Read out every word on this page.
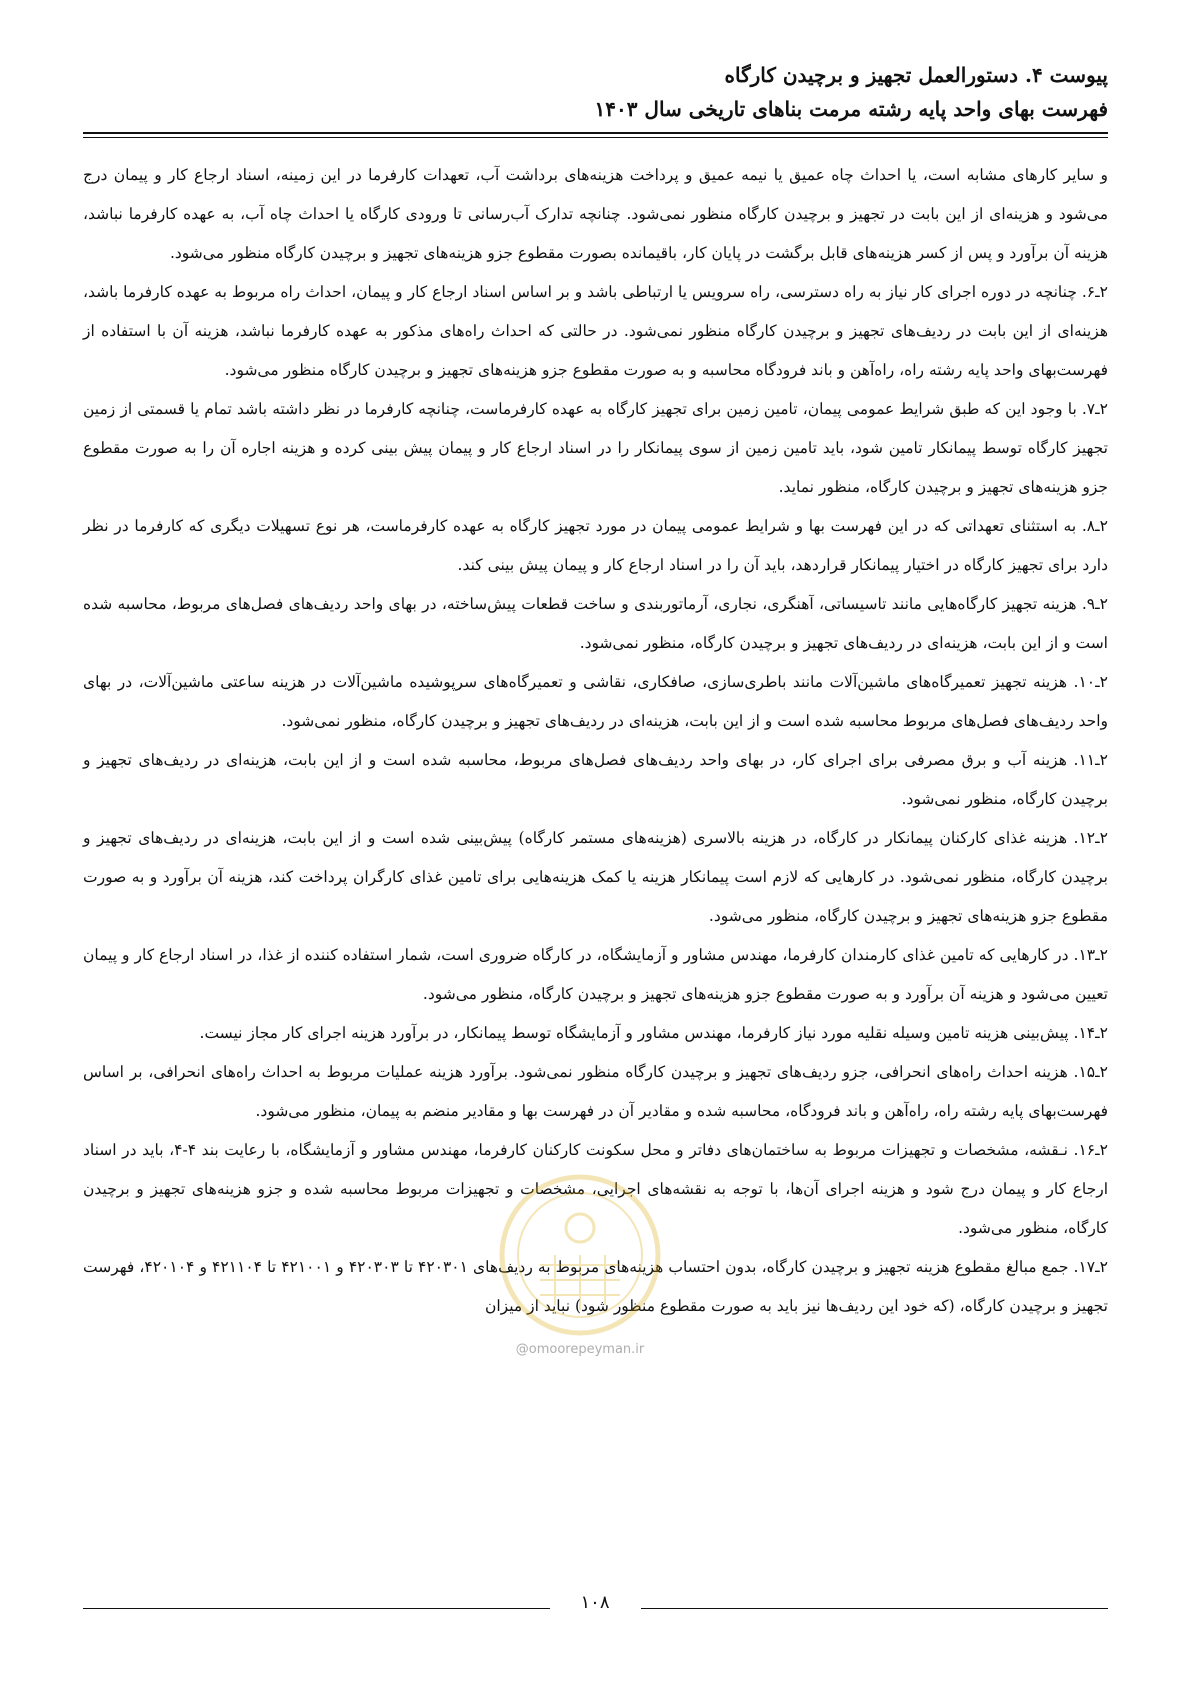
پیوست ۴. دستورالعمل تجهیز و برچیدن کارگاه
فهرست بهای واحد پایه رشته مرمت بناهای تاریخی سال ۱۴۰۳

و سایر کارهای مشابه است، یا احداث چاه عمیق یا نیمه عمیق و پرداخت هزینه‌های برداشت آب، تعهدات کارفرما در این زمینه، اسناد ارجاع کار و پیمان درج می‌شود و هزینه‌ای از این بابت در تجهیز و برچیدن کارگاه منظور نمی‌شود. چنانچه تدارک آب‌رسانی تا ورودی کارگاه یا احداث چاه آب، به عهده کارفرما نباشد، هزینه آن برآورد و پس از کسر هزینه‌های قابل برگشت در پایان کار، باقیمانده بصورت مقطوع جزو هزینه‌های تجهیز و برچیدن کارگاه منظور می‌شود.

۲ـ۶. چنانچه در دوره اجرای کار نیاز به راه دسترسی، راه سرویس یا ارتباطی باشد و بر اساس اسناد ارجاع کار و پیمان، احداث راه مربوط به عهده کارفرما باشد، هزینه‌ای از این بابت در ردیف‌های تجهیز و برچیدن کارگاه منظور نمی‌شود. در حالتی که احداث راه‌های مذکور به عهده کارفرما نباشد، هزینه آن با استفاده از فهرست‌بهای واحد پایه رشته راه، راه‌آهن و باند فرودگاه محاسبه و به صورت مقطوع جزو هزینه‌های تجهیز و برچیدن کارگاه منظور می‌شود.

۲ـ۷. با وجود این که طبق شرایط عمومی پیمان، تامین زمین برای تجهیز کارگاه به عهده کارفرماست، چنانچه کارفرما در نظر داشته باشد تمام یا قسمتی از زمین تجهیز کارگاه توسط پیمانکار تامین شود، باید تامین زمین از سوی پیمانکار را در اسناد ارجاع کار و پیمان پیش بینی کرده و هزینه اجاره آن را به صورت مقطوع جزو هزینه‌های تجهیز و برچیدن کارگاه، منظور نماید.

۲ـ۸. به استثنای تعهداتی که در این فهرست بها و شرایط عمومی پیمان در مورد تجهیز کارگاه به عهده کارفرماست، هر نوع تسهیلات دیگری که کارفرما در نظر دارد برای تجهیز کارگاه در اختیار پیمانکار قراردهد، باید آن را در اسناد ارجاع کار و پیمان پیش بینی کند.

۲ـ۹. هزینه تجهیز کارگاه‌هایی مانند تاسیساتی، آهنگری، نجاری، آرماتوربندی و ساخت قطعات پیش‌ساخته، در بهای واحد ردیف‌های فصل‌های مربوط، محاسبه شده است و از این بابت، هزینه‌ای در ردیف‌های تجهیز و برچیدن کارگاه، منظور نمی‌شود.

۲ـ۱۰. هزینه تجهیز تعمیرگاه‌های ماشین‌آلات مانند باطری‌سازی، صافکاری، نقاشی و تعمیرگاه‌های سرپوشیده ماشین‌آلات در هزینه ساعتی ماشین‌آلات، در بهای واحد ردیف‌های فصل‌های مربوط محاسبه شده است و از این بابت، هزینه‌ای در ردیف‌های تجهیز و برچیدن کارگاه، منظور نمی‌شود.

۲ـ۱۱. هزینه آب و برق مصرفی برای اجرای کار، در بهای واحد ردیف‌های فصل‌های مربوط، محاسبه شده است و از این بابت، هزینه‌ای در ردیف‌های تجهیز و برچیدن کارگاه، منظور نمی‌شود.

۲ـ۱۲. هزینه غذای کارکنان پیمانکار در کارگاه، در هزینه بالاسری (هزینه‌های مستمر کارگاه) پیش‌بینی شده است و از این بابت، هزینه‌ای در ردیف‌های تجهیز و برچیدن کارگاه، منظور نمی‌شود. در کارهایی که لازم است پیمانکار هزینه یا کمک هزینه‌هایی برای تامین غذای کارگران پرداخت کند، هزینه آن برآورد و به صورت مقطوع جزو هزینه‌های تجهیز و برچیدن کارگاه، منظور می‌شود.

۲ـ۱۳. در کارهایی که تامین غذای کارمندان کارفرما، مهندس مشاور و آزمایشگاه، در کارگاه ضروری است، شمار استفاده کننده از غذا، در اسناد ارجاع کار و پیمان تعیین می‌شود و هزینه آن برآورد و به صورت مقطوع جزو هزینه‌های تجهیز و برچیدن کارگاه، منظور می‌شود.

۲ـ۱۴. پیش‌بینی هزینه تامین وسیله نقلیه مورد نیاز کارفرما، مهندس مشاور و آزمایشگاه توسط پیمانکار، در برآورد هزینه اجرای کار مجاز نیست.

۲ـ۱۵. هزینه احداث راه‌های انحرافی، جزو ردیف‌های تجهیز و برچیدن کارگاه منظور نمی‌شود. برآورد هزینه عملیات مربوط به احداث راه‌های انحرافی، بر اساس فهرست‌بهای پایه رشته راه، راه‌آهن و باند فرودگاه، محاسبه شده و مقادیر آن در فهرست بها و مقادیر منضم به پیمان، منظور می‌شود.

۲ـ۱۶. نـقشه، مشخصات و تجهیزات مربوط به ساختمان‌های دفاتر و محل سکونت کارکنان کارفرما، مهندس مشاور و آزمایشگاه، با رعایت بند ۴-۴، باید در اسناد ارجاع کار و پیمان درج شود و هزینه اجرای آن‌ها، با توجه به نقشه‌های اجرایی، مشخصات و تجهیزات مربوط محاسبه شده و جزو هزینه‌های تجهیز و برچیدن کارگاه، منظور می‌شود.

۲ـ۱۷. جمع مبالغ مقطوع هزینه تجهیز و برچیدن کارگاه، بدون احتساب هزینه‌های مربوط به ردیف‌های ۴۲۰۳۰۱ تا ۴۲۰۳۰۳ و ۴۲۱۰۰۱ تا ۴۲۱۱۰۴ و ۴۲۰۱۰۴، فهرست تجهیز و برچیدن کارگاه، (که خود این ردیف‌ها نیز باید به صورت مقطوع منظور شود) نباید از میزان

@omoorepeyman.ir
۱۰۸
